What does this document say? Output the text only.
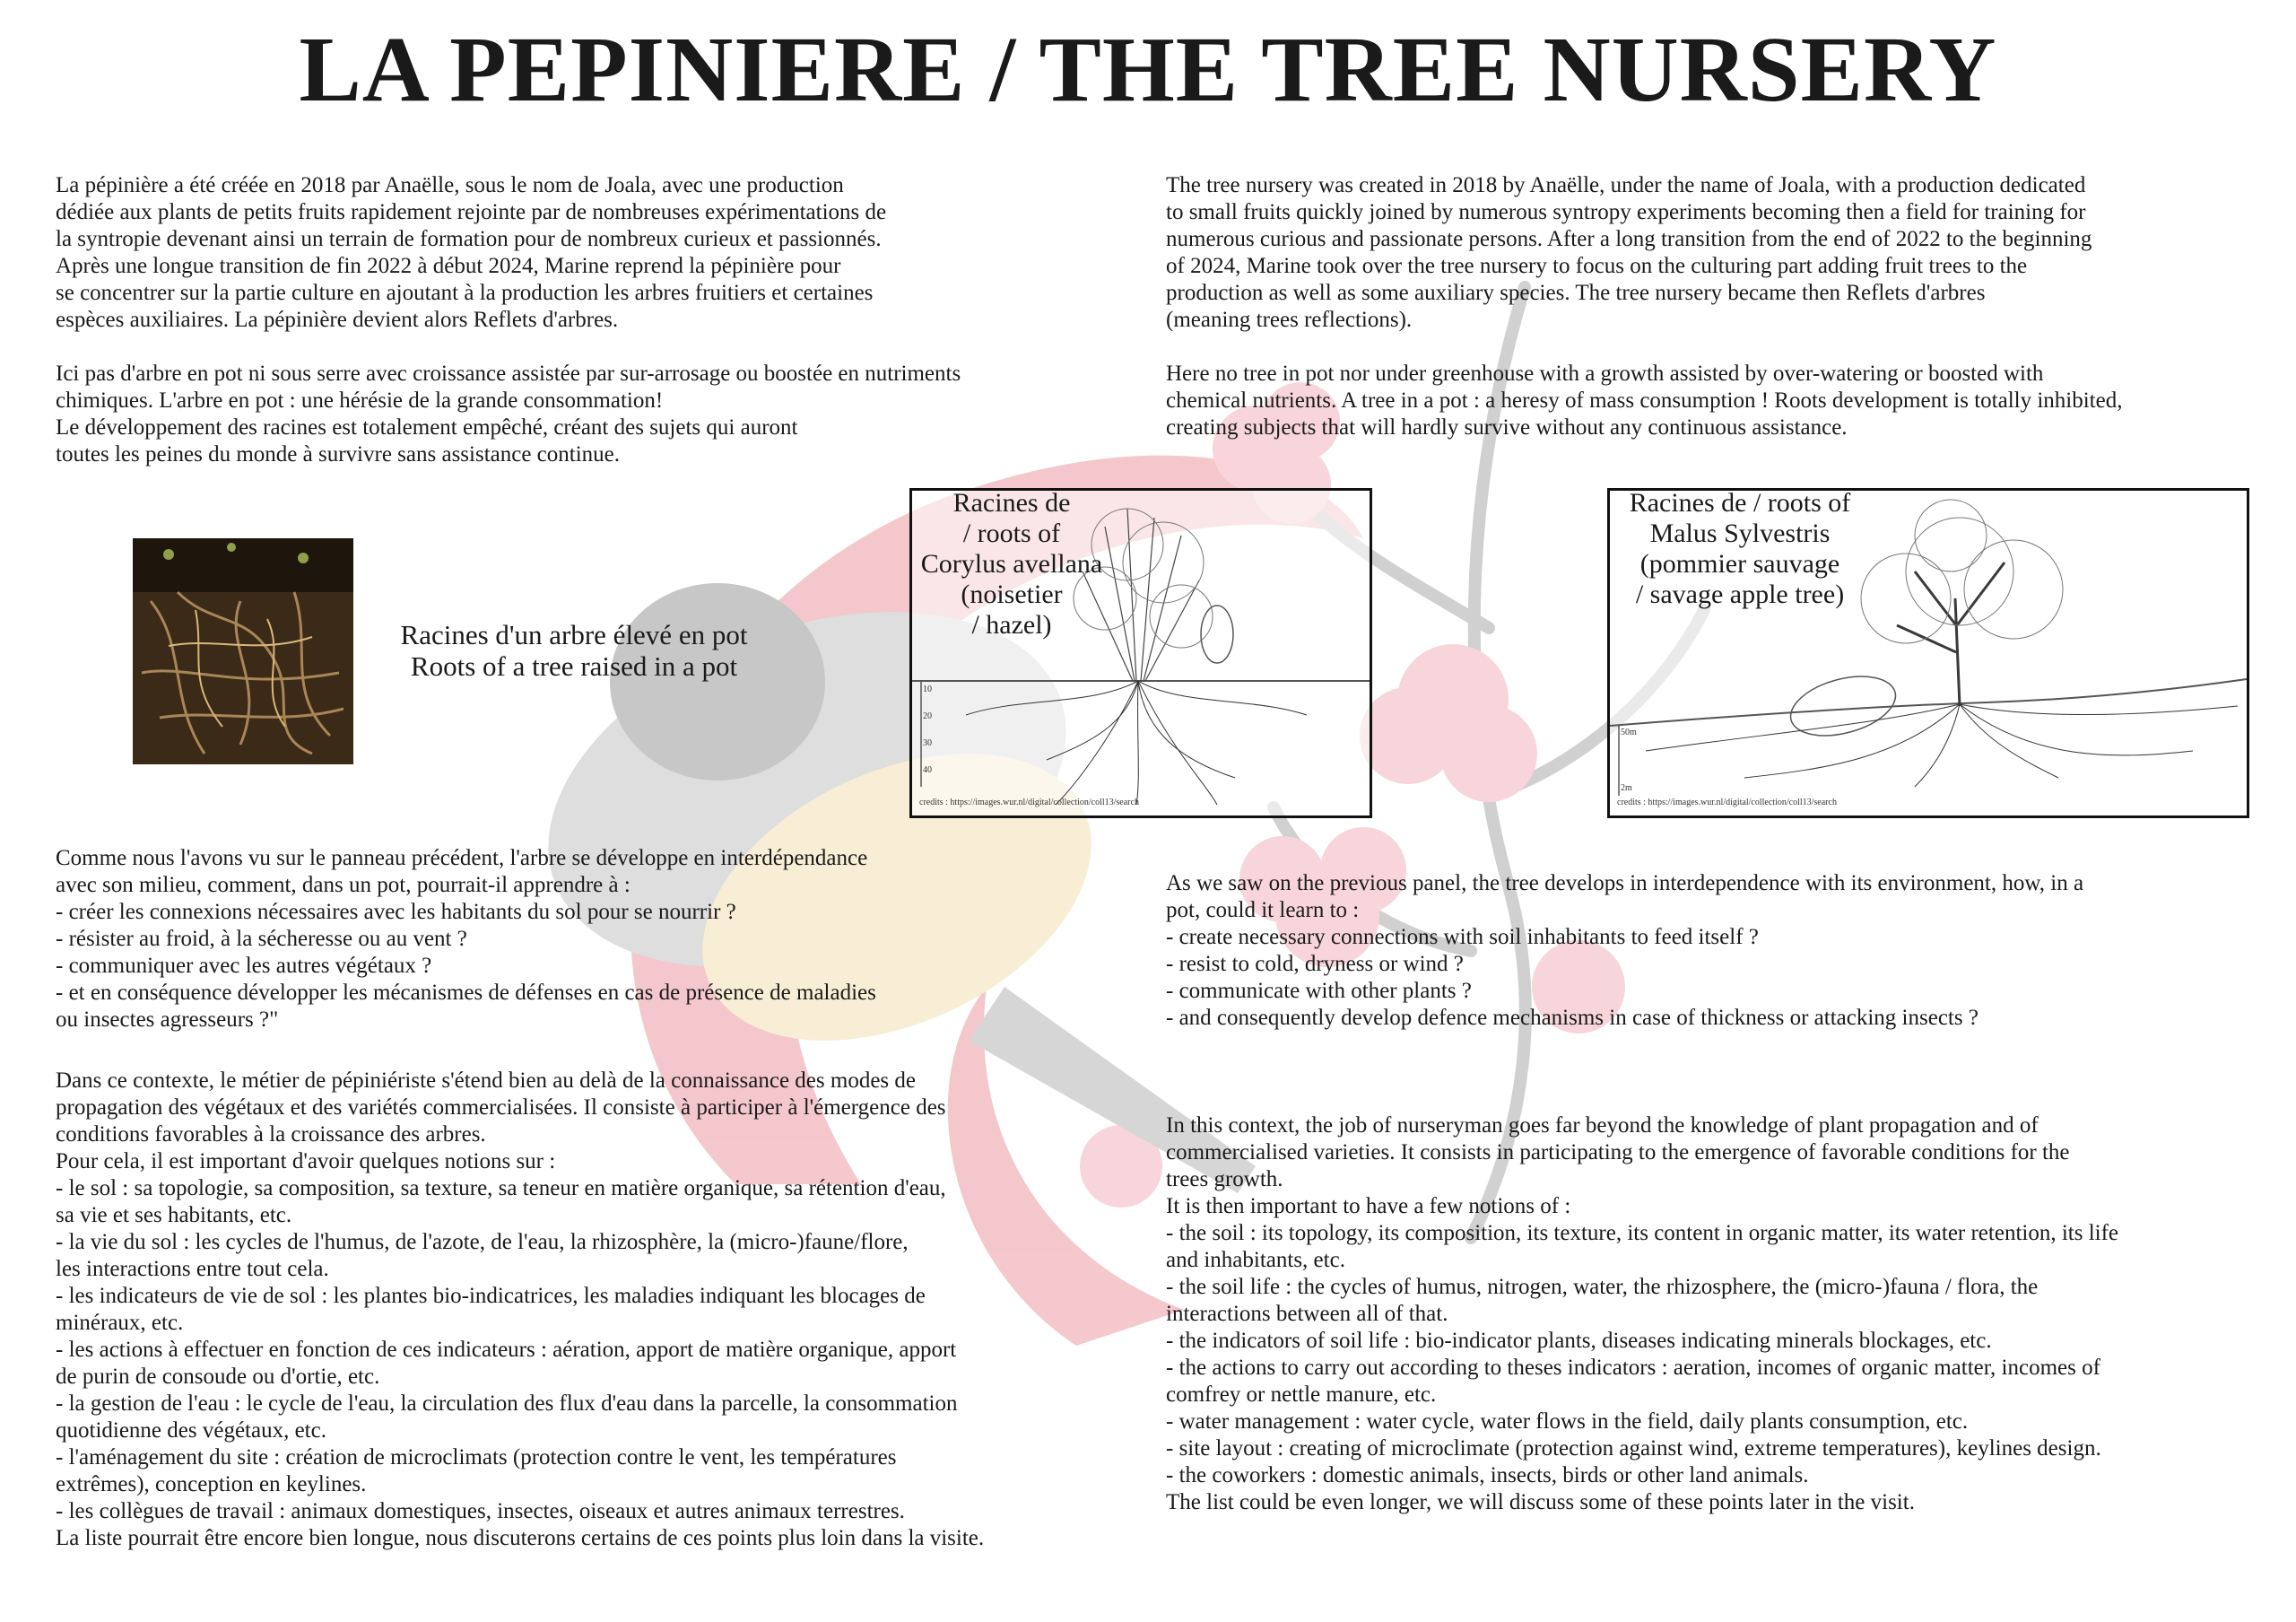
LA PEPINIERE / THE TREE NURSERY

La pépinière a été créée en 2018 par Anaëlle, sous le nom de Joala, avec une production
dédiée aux plants de petits fruits rapidement rejointe par de nombreuses expérimentations de
la syntropie devenant ainsi un terrain de formation pour de nombreux curieux et passionnés.
Après une longue transition de fin 2022 à début 2024, Marine reprend la pépinière pour
se concentrer sur la partie culture en ajoutant à la production les arbres fruitiers et certaines
espèces auxiliaires. La pépinière devient alors Reflets d'arbres.

Ici pas d'arbre en pot ni sous serre avec croissance assistée par sur-arrosage ou boostée en nutriments
chimiques. L'arbre en pot : une hérésie de la grande consommation!
Le développement des racines est totalement empêché, créant des sujets qui auront
toutes les peines du monde à survivre sans assistance continue.

The tree nursery was created in 2018 by Anaëlle, under the name of Joala, with a production dedicated
to small fruits quickly joined by numerous syntropy experiments becoming then a field for training for
numerous curious and passionate persons. After a long transition from the end of 2022 to the beginning
of 2024, Marine took over the tree nursery to focus on the culturing part adding fruit trees to the
production as well as some auxiliary species. The tree nursery became then Reflets d'arbres
(meaning trees reflections).

Here no tree in pot nor under greenhouse with a growth assisted by over-watering or boosted with
chemical nutrients. A tree in a pot : a heresy of mass consumption ! Roots development is totally inhibited,
creating subjects that will hardly survive without any continuous assistance.

Racines d'un arbre élevé en pot
Roots of a tree raised in a pot
credits : https://images.wur.nl/digital/collection/coll13/search
10
20
30
40
Racines de
/ roots of
Corylus avellana
(noisetier
/ hazel)
credits : https://images.wur.nl/digital/collection/coll13/search
50m
2m
Racines de / roots of
Malus Sylvestris
(pommier sauvage
/ savage apple tree)

Comme nous l'avons vu sur le panneau précédent, l'arbre se développe en interdépendance
avec son milieu, comment, dans un pot, pourrait-il apprendre à :
- créer les connexions nécessaires avec les habitants du sol pour se nourrir ?
- résister au froid, à la sécheresse ou au vent ?
- communiquer avec les autres végétaux ?
- et en conséquence développer les mécanismes de défenses en cas de présence de maladies
ou insectes agresseurs ?"

Dans ce contexte, le métier de pépiniériste s'étend bien au delà de la connaissance des modes de
propagation des végétaux et des variétés commercialisées. Il consiste à participer à l'émergence des
conditions favorables à la croissance des arbres.
Pour cela, il est important d'avoir quelques notions sur :
- le sol : sa topologie, sa composition, sa texture, sa teneur en matière organique, sa rétention d'eau,
sa vie et ses habitants, etc.
- la vie du sol : les cycles de l'humus, de l'azote, de l'eau, la rhizosphère, la (micro-)faune/flore,
les interactions entre tout cela.
- les indicateurs de vie de sol : les plantes bio-indicatrices, les maladies indiquant les blocages de
minéraux, etc.
- les actions à effectuer en fonction de ces indicateurs : aération, apport de matière organique, apport
de purin de consoude ou d'ortie, etc.
- la gestion de l'eau : le cycle de l'eau, la circulation des flux d'eau dans la parcelle, la consommation
quotidienne des végétaux, etc.
- l'aménagement du site : création de microclimats (protection contre le vent, les températures
extrêmes), conception en keylines.
- les collègues de travail : animaux domestiques, insectes, oiseaux et autres animaux terrestres.
La liste pourrait être encore bien longue, nous discuterons certains de ces points plus loin dans la visite.

As we saw on the previous panel, the tree develops in interdependence with its environment, how, in a
pot, could it learn to :
- create necessary connections with soil inhabitants to feed itself ?
- resist to cold, dryness or wind ?
- communicate with other plants ?
- and consequently develop defence mechanisms in case of thickness or attacking insects ?

In this context, the job of nurseryman goes far beyond the knowledge of plant propagation and of
commercialised varieties. It consists in participating to the emergence of favorable conditions for the
trees growth.
It is then important to have a few notions of :
- the soil : its topology, its composition, its texture, its content in organic matter, its water retention, its life
and inhabitants, etc.
- the soil life : the cycles of humus, nitrogen, water, the rhizosphere, the (micro-)fauna / flora, the
interactions between all of that.
- the indicators of soil life : bio-indicator plants, diseases indicating minerals blockages, etc.
- the actions to carry out according to theses indicators : aeration, incomes of organic matter, incomes of
comfrey or nettle manure, etc.
- water management : water cycle, water flows in the field, daily plants consumption, etc.
- site layout : creating of microclimate (protection against wind, extreme temperatures), keylines design.
- the coworkers : domestic animals, insects, birds or other land animals.
The list could be even longer, we will discuss some of these points later in the visit.
